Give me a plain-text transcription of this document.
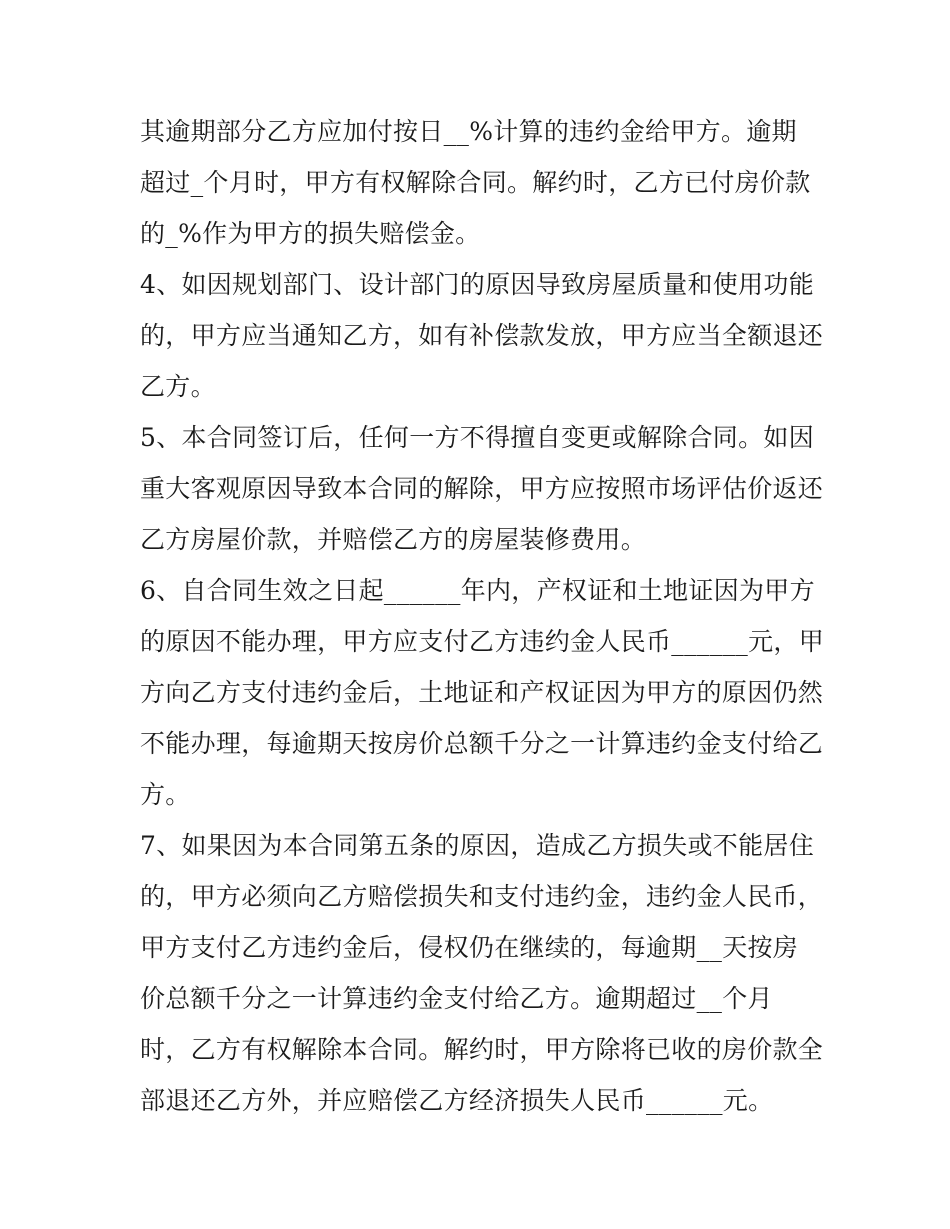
其逾期部分乙方应加付按日__%计算的违约金给甲方。逾期
超过_个月时，甲方有权解除合同。解约时，乙方已付房价款
的_%作为甲方的损失赔偿金。
4、如因规划部门、设计部门的原因导致房屋质量和使用功能
的，甲方应当通知乙方，如有补偿款发放，甲方应当全额退还
乙方。
5、本合同签订后，任何一方不得擅自变更或解除合同。如因
重大客观原因导致本合同的解除，甲方应按照市场评估价返还
乙方房屋价款，并赔偿乙方的房屋装修费用。
6、自合同生效之日起______年内，产权证和土地证因为甲方
的原因不能办理，甲方应支付乙方违约金人民币______元，甲
方向乙方支付违约金后，土地证和产权证因为甲方的原因仍然
不能办理，每逾期天按房价总额千分之一计算违约金支付给乙
方。
7、如果因为本合同第五条的原因，造成乙方损失或不能居住
的，甲方必须向乙方赔偿损失和支付违约金，违约金人民币，
甲方支付乙方违约金后，侵权仍在继续的，每逾期__天按房
价总额千分之一计算违约金支付给乙方。逾期超过__个月
时，乙方有权解除本合同。解约时，甲方除将已收的房价款全
部退还乙方外，并应赔偿乙方经济损失人民币______元。
